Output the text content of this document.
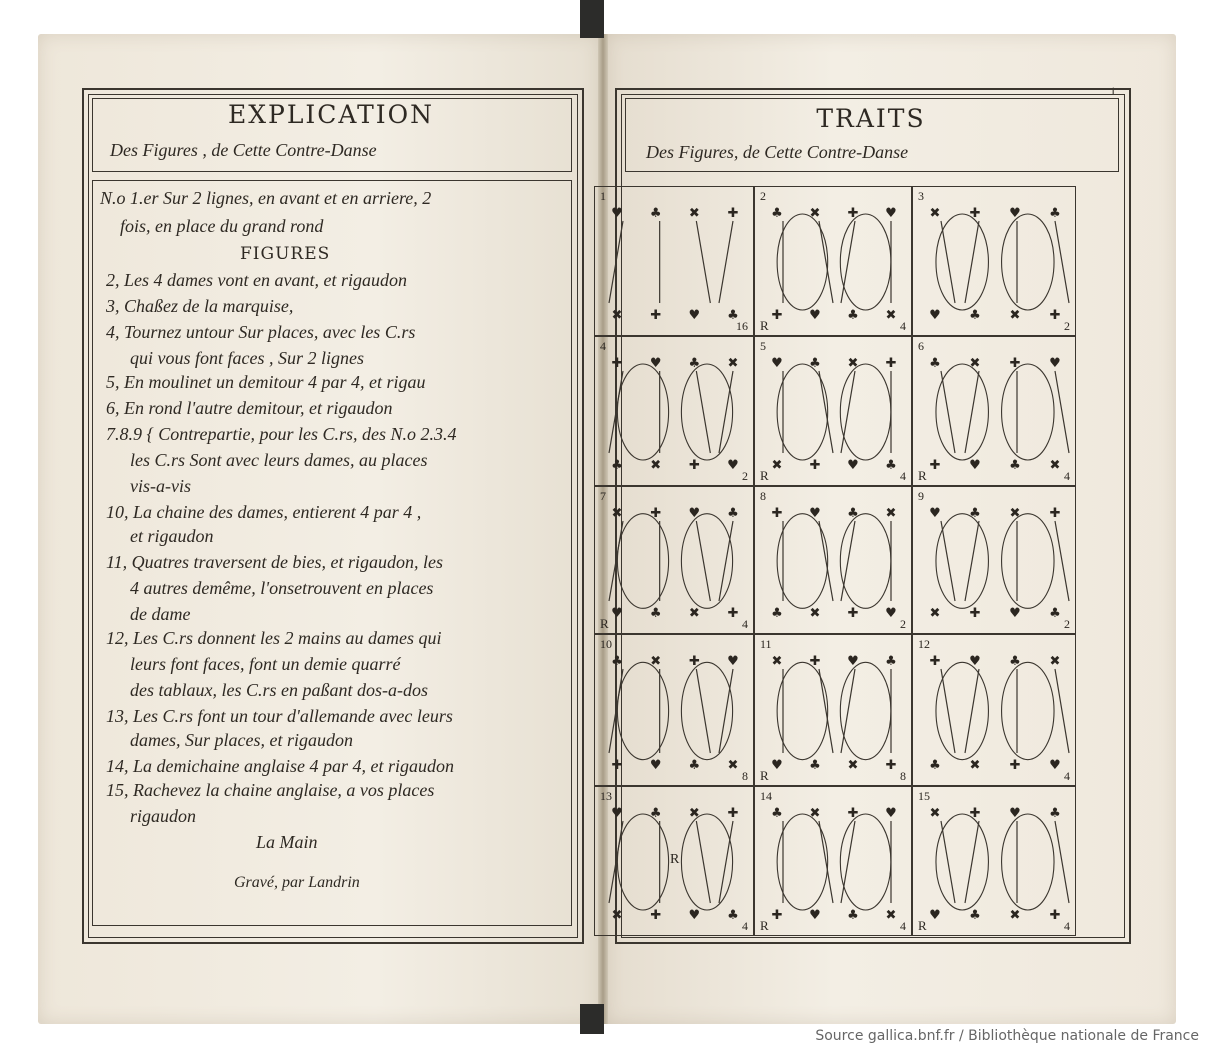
EXPLICATION
Des Figures , de Cette Contre-Danse
N.o 1.er Sur 2 lignes, en avant et en arriere, 2
fois, en place du grand rond
FIGURES
2, Les 4 dames vont en avant, et rigaudon
3, Chaßez de la marquise,
4, Tournez untour Sur places, avec les C.rs
qui vous font faces , Sur 2 lignes
5, En moulinet un demitour 4 par 4, et rigau
6, En rond l'autre demitour, et rigaudon
7.8.9 { Contrepartie, pour les C.rs, des N.o 2.3.4
les C.rs Sont avec leurs dames, au places
vis-a-vis
10, La chaine des dames, entierent 4 par 4 ,
et rigaudon
11, Quatres traversent de bies, et rigaudon, les
4 autres demême, l'onsetrouvent en places
de dame
12, Les C.rs donnent les 2 mains au dames qui
leurs font faces, font un demie quarré
des tablaux, les C.rs en paßant dos-a-dos
13, Les C.rs font un tour d'allemande avec leurs
dames, Sur places, et rigaudon
14, La demichaine anglaise 4 par 4, et rigaudon
15, Rachevez la chaine anglaise, a vos places
rigaudon
La Main
Gravé, par Landrin
1
TRAITS
Des Figures, de Cette Contre-Danse
♥
✖
♣
✚
✖
♥
✚
♣
1
16
♣
✚
✖
♥
✚
♣
♥
✖
2
R	4
✖
♥
✚
♣
♥
✖
♣
✚
3
2
✚
♣
♥
✖
♣
✚
✖
♥
4
2
♥
✖
♣
✚
✖
♥
✚
♣
5
R	4
♣
✚
✖
♥
✚
♣
♥
✖
6
R	4
✖
♥
✚
♣
♥
✖
♣
✚
7
R	4
✚
♣
♥
✖
♣
✚
✖
♥
8
2
♥
✖
♣
✚
✖
♥
✚
♣
9
2
♣
✚
✖
♥
✚
♣
♥
✖
10
8
✖
♥
✚
♣
♥
✖
♣
✚
11
R	8
✚
♣
♥
✖
♣
✚
✖
♥
12
4
♥
✖
♣
✚
✖
♥
✚
♣
13
R
4
♣
✚
✖
♥
✚
♣
♥
✖
14
R	4
✖
♥
✚
♣
♥
✖
♣
✚
15
R	4
Source gallica.bnf.fr / Bibliothèque nationale de France
